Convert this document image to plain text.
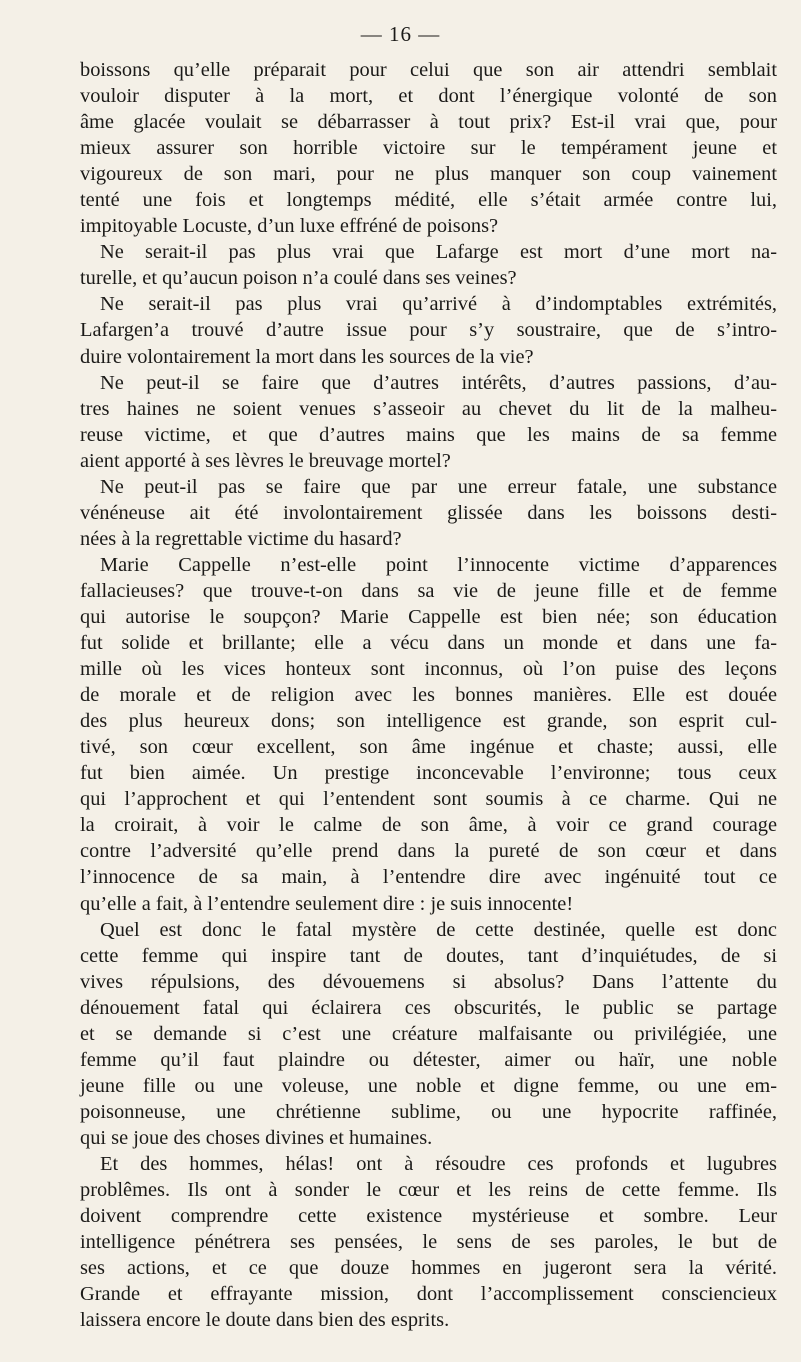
— 16 —
boissons qu’elle préparait pour celui que son air attendri semblait
vouloir disputer à la mort, et dont l’énergique volonté de son
âme glacée voulait se débarrasser à tout prix? Est-il vrai que, pour
mieux assurer son horrible victoire sur le tempérament jeune et
vigoureux de son mari, pour ne plus manquer son coup vainement
tenté une fois et longtemps médité, elle s’était armée contre lui,
impitoyable Locuste, d’un luxe effréné de poisons?
Ne serait-il pas plus vrai que Lafarge est mort d’une mort na-
turelle, et qu’aucun poison n’a coulé dans ses veines?
Ne serait-il pas plus vrai qu’arrivé à d’indomptables extrémités,
Lafargen’a trouvé d’autre issue pour s’y soustraire, que de s’intro-
duire volontairement la mort dans les sources de la vie?
Ne peut-il se faire que d’autres intérêts, d’autres passions, d’au-
tres haines ne soient venues s’asseoir au chevet du lit de la malheu-
reuse victime, et que d’autres mains que les mains de sa femme
aient apporté à ses lèvres le breuvage mortel?
Ne peut-il pas se faire que par une erreur fatale, une substance
vénéneuse ait été involontairement glissée dans les boissons desti-
nées à la regrettable victime du hasard?
Marie Cappelle n’est-elle point l’innocente victime d’apparences
fallacieuses? que trouve-t-on dans sa vie de jeune fille et de femme
qui autorise le soupçon? Marie Cappelle est bien née; son éducation
fut solide et brillante; elle a vécu dans un monde et dans une fa-
mille où les vices honteux sont inconnus, où l’on puise des leçons
de morale et de religion avec les bonnes manières. Elle est douée
des plus heureux dons; son intelligence est grande, son esprit cul-
tivé, son cœur excellent, son âme ingénue et chaste; aussi, elle
fut bien aimée. Un prestige inconcevable l’environne; tous ceux
qui l’approchent et qui l’entendent sont soumis à ce charme. Qui ne
la croirait, à voir le calme de son âme, à voir ce grand courage
contre l’adversité qu’elle prend dans la pureté de son cœur et dans
l’innocence de sa main, à l’entendre dire avec ingénuité tout ce
qu’elle a fait, à l’entendre seulement dire : je suis innocente!
Quel est donc le fatal mystère de cette destinée, quelle est donc
cette femme qui inspire tant de doutes, tant d’inquiétudes, de si
vives répulsions, des dévouemens si absolus? Dans l’attente du
dénouement fatal qui éclairera ces obscurités, le public se partage
et se demande si c’est une créature malfaisante ou privilégiée, une
femme qu’il faut plaindre ou détester, aimer ou haïr, une noble
jeune fille ou une voleuse, une noble et digne femme, ou une em-
poisonneuse, une chrétienne sublime, ou une hypocrite raffinée,
qui se joue des choses divines et humaines.
Et des hommes, hélas! ont à résoudre ces profonds et lugubres
problêmes. Ils ont à sonder le cœur et les reins de cette femme. Ils
doivent comprendre cette existence mystérieuse et sombre. Leur
intelligence pénétrera ses pensées, le sens de ses paroles, le but de
ses actions, et ce que douze hommes en jugeront sera la vérité.
Grande et effrayante mission, dont l’accomplissement consciencieux
laissera encore le doute dans bien des esprits.
